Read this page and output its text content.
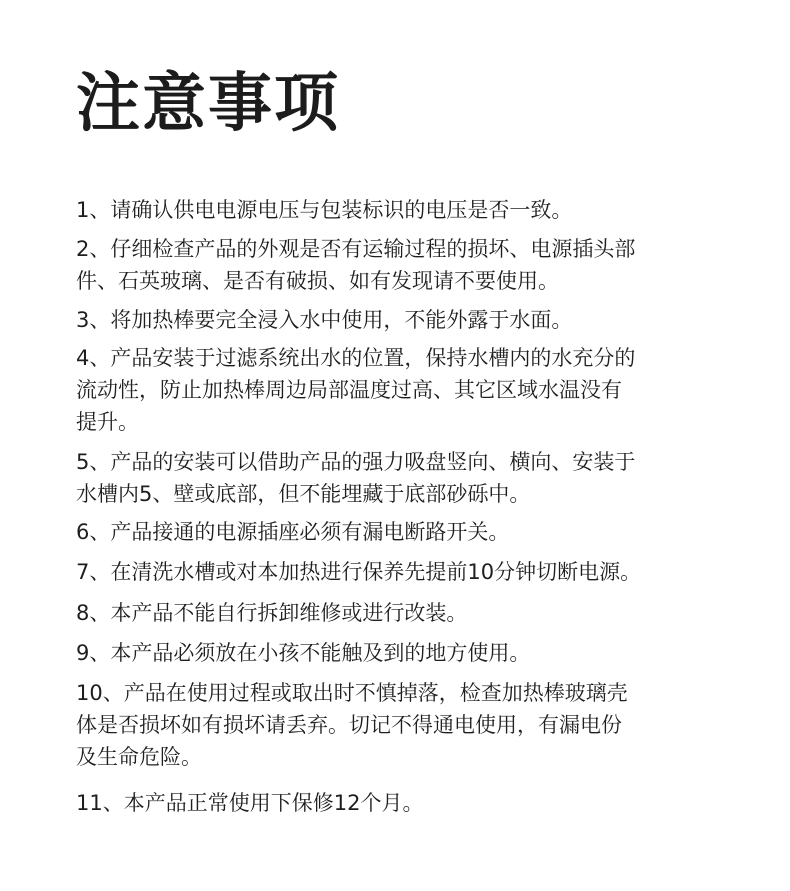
注意事项
1、请确认供电电源电压与包装标识的电压是否一致。
2、仔细检查产品的外观是否有运输过程的损坏、电源插头部
件、石英玻璃、是否有破损、如有发现请不要使用。
3、将加热棒要完全浸入水中使用，不能外露于水面。
4、产品安装于过滤系统出水的位置，保持水槽内的水充分的
流动性，防止加热棒周边局部温度过高、其它区域水温没有
提升。
5、产品的安装可以借助产品的强力吸盘竖向、横向、安装于
水槽内5、壁或底部，但不能埋藏于底部砂砾中。
6、产品接通的电源插座必须有漏电断路开关。
7、在清洗水槽或对本加热进行保养先提前10分钟切断电源。
8、本产品不能自行拆卸维修或进行改装。
9、本产品必须放在小孩不能触及到的地方使用。
10、产品在使用过程或取出时不慎掉落，检查加热棒玻璃壳
体是否损坏如有损坏请丢弃。切记不得通电使用，有漏电份
及生命危险。
11、本产品正常使用下保修12个月。
